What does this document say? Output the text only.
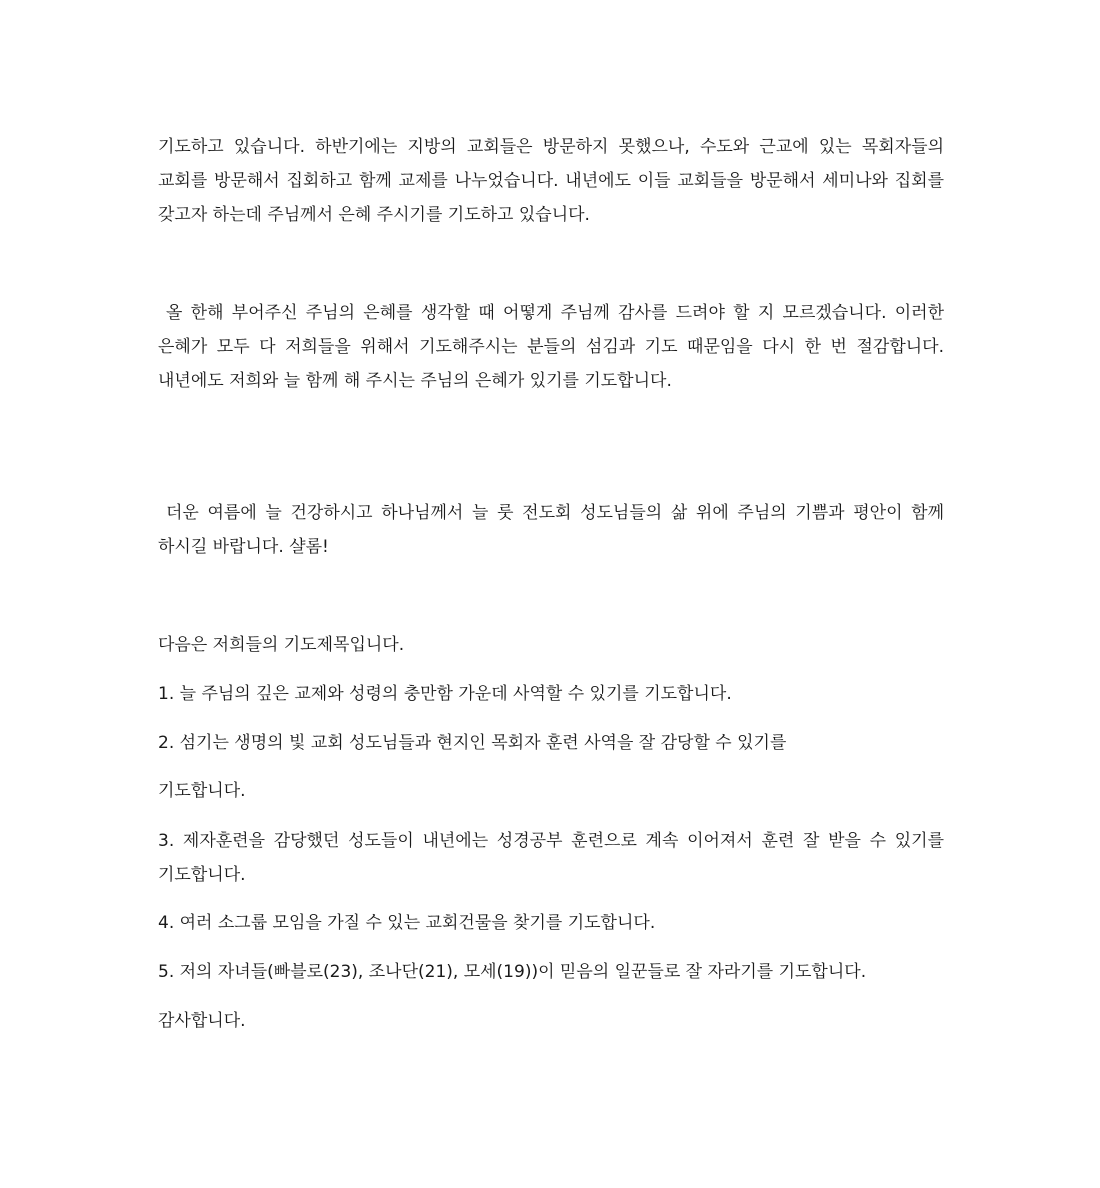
기도하고 있습니다. 하반기에는 지방의 교회들은 방문하지 못했으나, 수도와 근교에 있는 목회자들의 교회를 방문해서 집회하고 함께 교제를 나누었습니다. 내년에도 이들 교회들을 방문해서 세미나와 집회를 갖고자 하는데 주님께서 은혜 주시기를 기도하고 있습니다.

올 한해 부어주신 주님의 은혜를 생각할 때 어떻게 주님께 감사를 드려야 할 지 모르겠습니다. 이러한 은혜가 모두 다 저희들을 위해서 기도해주시는 분들의 섬김과 기도 때문임을 다시 한 번 절감합니다. 내년에도 저희와 늘 함께 해 주시는 주님의 은혜가 있기를 기도합니다.

더운 여름에 늘 건강하시고 하나님께서 늘 룻 전도회 성도님들의 삶 위에 주님의 기쁨과 평안이 함께 하시길 바랍니다. 샬롬!

다음은 저희들의 기도제목입니다.

1. 늘 주님의 깊은 교제와 성령의 충만함 가운데 사역할 수 있기를 기도합니다.

2. 섬기는 생명의 빛 교회 성도님들과 현지인 목회자 훈련 사역을 잘 감당할 수 있기를

기도합니다.

3. 제자훈련을 감당했던 성도들이 내년에는 성경공부 훈련으로 계속 이어져서 훈련 잘 받을 수 있기를 기도합니다.

4. 여러 소그룹 모임을 가질 수 있는 교회건물을 찾기를 기도합니다.

5. 저의 자녀들(빠블로(23), 조나단(21), 모세(19))이 믿음의 일꾼들로 잘 자라기를 기도합니다.

감사합니다.
